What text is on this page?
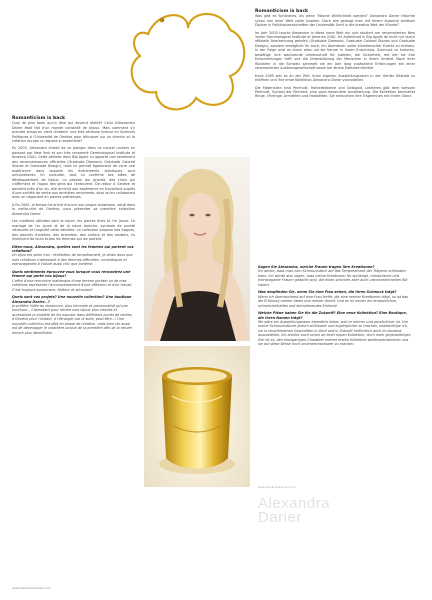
Romanticism is back

Quoi de plus beau qu'un rêve qui devient réalité? Celui d'Alexandra Darier était fait d'un monde constellé de bijoux. Mais comment s'y prendre lorsqu'on vient d'obtenir une très sérieuse licence en Sciences Politiques à l'Université de Genève pour bifurquer sur un chemin où la création occupe un espace si essentielle?

En 2003, Alexandra choisit de se plonger dans ce nouvel univers en passant par New York et son très renommé Gemmological Institute of America (GIA). Cette période dans Big Apple lui apporte non seulement des reconnaissances officielles (Graduate Diamond, Graduate Colored Stones et Graduate Design), mais lui permet également de vivre une expérience dans laquelle les événements artistiques sont omniprésents. En consulter, tout lui confirme ses idées de développement de bijoux. La passion qui grandit, des choix qui s'affirment et l'appui des gens qui l'entourent. De retour à Genève et pendant près d'un an, elle enrichit son expérience en travaillant auprès d'une société de vente aux enchères renommée, ainsi qu'en collaborant avec un négociant en pierres précieuses.

A fin 2005, le temps fut arrivé d'ouvrir son propre showroom, situé dans la vieille-ville de Genève, pour présenter sa première collection Alexandra Darier.

Les matières utilisées sont la nacre, les pierres fines et l'or jaune. Le mariage de l'or jaune et de la nacre blanche, symbole de pureté retrouvée et magnifié cette dernière. La collection propose des bagues, des boucles d'oreilles, des bracelets, des colliers et des sautoirs, ils illuminent de leurs éclats les femmes qui les portent.

Dites-nous, Alexandra, quelles sont les femmes qui portent vos créations?
Un bijou est selon moi : révélateur de tempérament, je dirais alors que mes créations s'adressent à des femmes affirmées, romantiques et extravagantes à l'allure aussi chic que bohème.
Quels sentiments éprouvez-vous lorsque vous rencontrez une femme qui porte vos bijoux?
L'effet d'une rencontre inattendue d'une femme portant un de mes créations représente l'accomplissement d'une réflexion et d'un travail. C'est toujours surprenant, flatteur et stimulant!
Quels sont vos projets? Une nouvelle collection? Une boutique Alexandra Darier...?
Je préfère l'idée du showroom, plus intimiste et personnalisé qu'une boutique... Cependant pour rendre mes bijoux plus visibles et accessibles je projette de les exposer dans différents points de ventes, à Genève pour l'instant, à l'étranger par la suite, peut-être...! Une nouvelle collection est déjà en phase de création, mais bien sûr aussi est de développer le caractère unique de la première afin de la rendre encore plus identifiable.

Romanticism is back

Was gibt es Schöneres, als wenn Träume Wirklichkeit werden? Alexandra Darier träumte schon von einer Welt voller Juwelen. Doch wie gelangt man mit einem äusserst seriösen Diplom in Politikwissenschaften der Universität Genf in die kreative Welt der Künste?

Im Jahr 2003 taucht Alexandra in diese neue Welt ein und studiert am renommierten New Yorker Gemmological Institute of America (GIA). Ihr Aufenthalt in Big Apple ist nicht nur durch offizielle Anerkennung gekrönt (Graduate Diamond, Graduate Colored Stones und Graduate Design), sondern ermöglicht ihr auch, ein Abenteuer voller künstlerischer Events zu erleben. In der Folge wird es durch alles um sie herum in ihrem Entschluss, Schmuck zu kreieren, bestätigt: ihre wachsende Leidenschaft für Juwelen, die Sicherheit, mit der sie ihre Entscheidungen trifft und die Unterstützung der Menschen in ihrem Umfeld. Nach ihrer Rückkehr in die Schweiz sammelt sie ein Jahr lang zusätzliche Erfahrungen bei einer renommierten Auktionsgesellschaft sowie bei einem Edelsteinhändler.

Ende 2005 war es an der Zeit, ihren eigenen Ausstellungsraum in der Genfer Altstadt zu eröffnen und ihre erste Kollektion Alexandra Darier vorzustellen.

Die Materialien sind Perlmutt, Halbedelsteine und Gelbgold. Letzteres gibt dem weissen Perlmutt, Symbol der Reinheit, eine ganz besondere Ausstrahlung. Die Kollektion beinhaltet Ringe, Ohrringe, Armreifen und Halsketten. Sie erleuchten ihre Trägerinnen mit ihrem Glanz.

Sagen Sie Alexandra, welche Frauen tragen Ihre Kreationen?
Ich denke, dass man vom Schmuckstück auf das Temperament der Trägerin schliessen kann. Ich würde also sagen, dass meine Kreationen für sprützige, romantische und extravagante Frauen gedacht sind, die einen schicken aber auch unkonventionellen Stil haben.
Was empfinden Sie, wenn Sie eine Frau sehen, die Ihren Schmuck trägt?
Wenn ich überraschend auf eine Frau treffe, die eine meiner Kreationen trägt, so ist das die Erfüllung meiner Ideen und meiner Arbeit. Und es ist immer ein erstaunliches, schmeichelhaftes und stimulierendes Erlebnis!
Welche Pläne haben Sie für die Zukunft? Eine neue Kollektion? Eine Boutique, die Ihren Namen trägt?
Mir wäre ein Ausstellungsraum eigentlich lieber, weil er intimer und persönlicher ist. Um meine Schmuckstücke jedoch sichtbarer und zugänglicher zu machen, beabsichtige ich, sie in verschiedenen Geschäften in Genf und in Zukunft hoffentlich auch im Ausland auszustellen. Ich arbeite auch schon an einer neuen Kollektion, doch mein gegenwärtiges Ziel ist es, den einzigartigen Charakter meiner ersten Kollektion weiterzuentwickeln und sie auf diese Weise noch unverwechselbarer zu machen.
www.alexandradarier.com
Alexandra
Darier
www.alexandradarier.com
